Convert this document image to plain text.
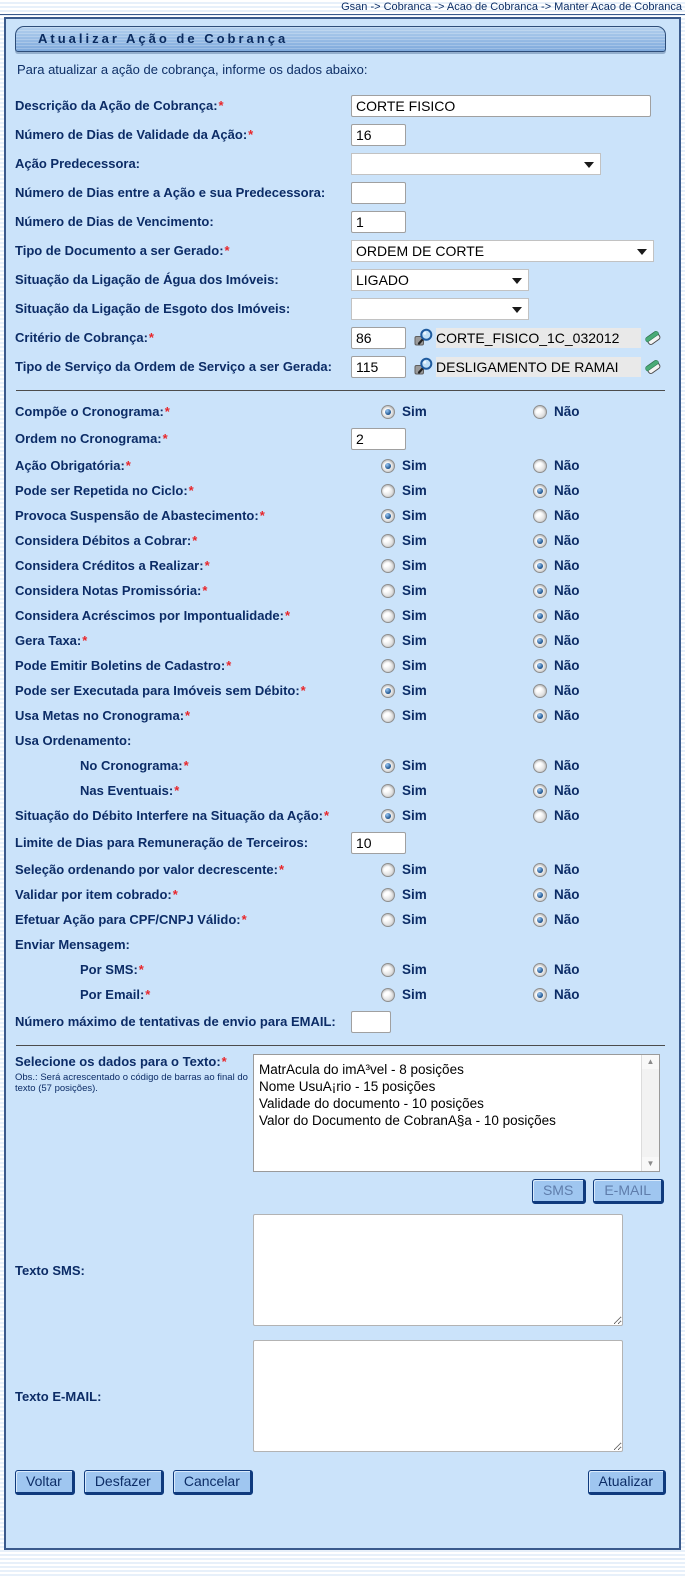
Gsan -> Cobranca -> Acao de Cobranca -> Manter Acao de Cobranca
Atualizar Ação de Cobrança
Para atualizar a ação de cobrança, informe os dados abaixo:
Descrição da Ação de Cobrança:*
CORTE FISICO
Número de Dias de Validade da Ação:*
16
Ação Predecessora:
Número de Dias entre a Ação e sua Predecessora:
Número de Dias de Vencimento:
1
Tipo de Documento a ser Gerado:*	ORDEM DE CORTE
Situação da Ligação de Água dos Imóveis:	LIGADO
Situação da Ligação de Esgoto dos Imóveis:
Critério de Cobrança:*
86	CORTE_FISICO_1C_032012
Tipo de Serviço da Ordem de Serviço a ser Gerada:
115	DESLIGAMENTO DE RAMAI
Compõe o Cronograma:*	Sim	Não
Ordem no Cronograma:*
2
Ação Obrigatória:*	Sim	Não
Pode ser Repetida no Ciclo:*	Sim	Não
Provoca Suspensão de Abastecimento:*	Sim	Não
Considera Débitos a Cobrar:*	Sim	Não
Considera Créditos a Realizar:*	Sim	Não
Considera Notas Promissória:*	Sim	Não
Considera Acréscimos por Impontualidade:*	Sim	Não
Gera Taxa:*	Sim	Não
Pode Emitir Boletins de Cadastro:*	Sim	Não
Pode ser Executada para Imóveis sem Débito:*	Sim	Não
Usa Metas no Cronograma:*	Sim	Não
Usa Ordenamento:
No Cronograma:*	Sim	Não
Nas Eventuais:*	Sim	Não
Situação do Débito Interfere na Situação da Ação:*	Sim	Não
Limite de Dias para Remuneração de Terceiros:
10
Seleção ordenando por valor decrescente:*	Sim	Não
Validar por item cobrado:*	Sim	Não
Efetuar Ação para CPF/CNPJ Válido:*	Sim	Não
Enviar Mensagem:
Por SMS:*	Sim	Não
Por Email:*	Sim	Não
Número máximo de tentativas de envio para EMAIL:
Selecione os dados para o Texto:*
Obs.: Será acrescentado o código de barras ao final do texto (57 posições).
MatrAcula do imA³vel - 8 posições
Nome UsuA¡rio - 15 posições
Validade do documento - 10 posições
Valor do Documento de CobranA§a - 10 posições
▲
▼
SMS	E-MAIL
Texto SMS:
Texto E-MAIL:
Voltar	Desfazer	Cancelar	Atualizar
